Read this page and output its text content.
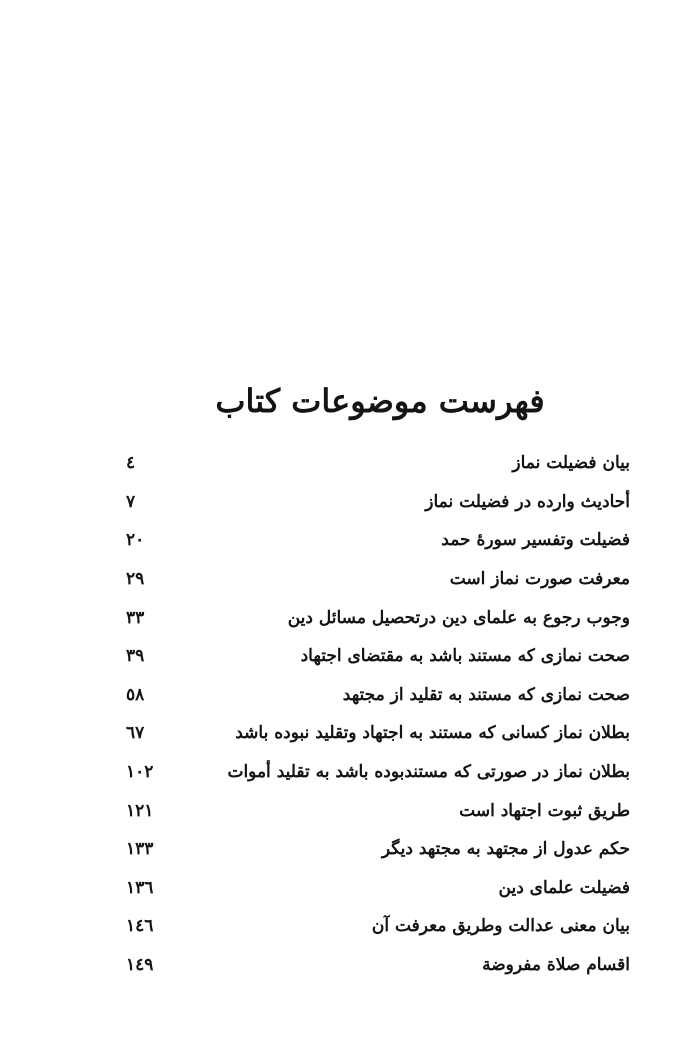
فهرست موضوعات کتاب
بیان فضیلت نماز
٤
أحادیث وارده در فضیلت نماز
٧
فضیلت وتفسیر سورهٔ حمد
٢٠
معرفت صورت نماز است
٢٩
وجوب رجوع به علمای دین درتحصیل مسائل دین
٣٣
صحت نمازی که مستند باشد به مقتضای اجتهاد
٣٩
صحت نمازی که مستند به تقلید از مجتهد
٥٨
بطلان نماز کسانی که مستند به اجتهاد وتقلید نبوده باشد
٦٧
بطلان نماز در صورتی که مستندبوده باشد به تقلید أموات
١٠٢
طریق ثبوت اجتهاد است
١٢١
حکم عدول از مجتهد به مجتهد دیگر
١٣٣
فضیلت علمای دین
١٣٦
بیان معنی عدالت وطریق معرفت آن
١٤٦
اقسام صلاة مفروضة
١٤٩
